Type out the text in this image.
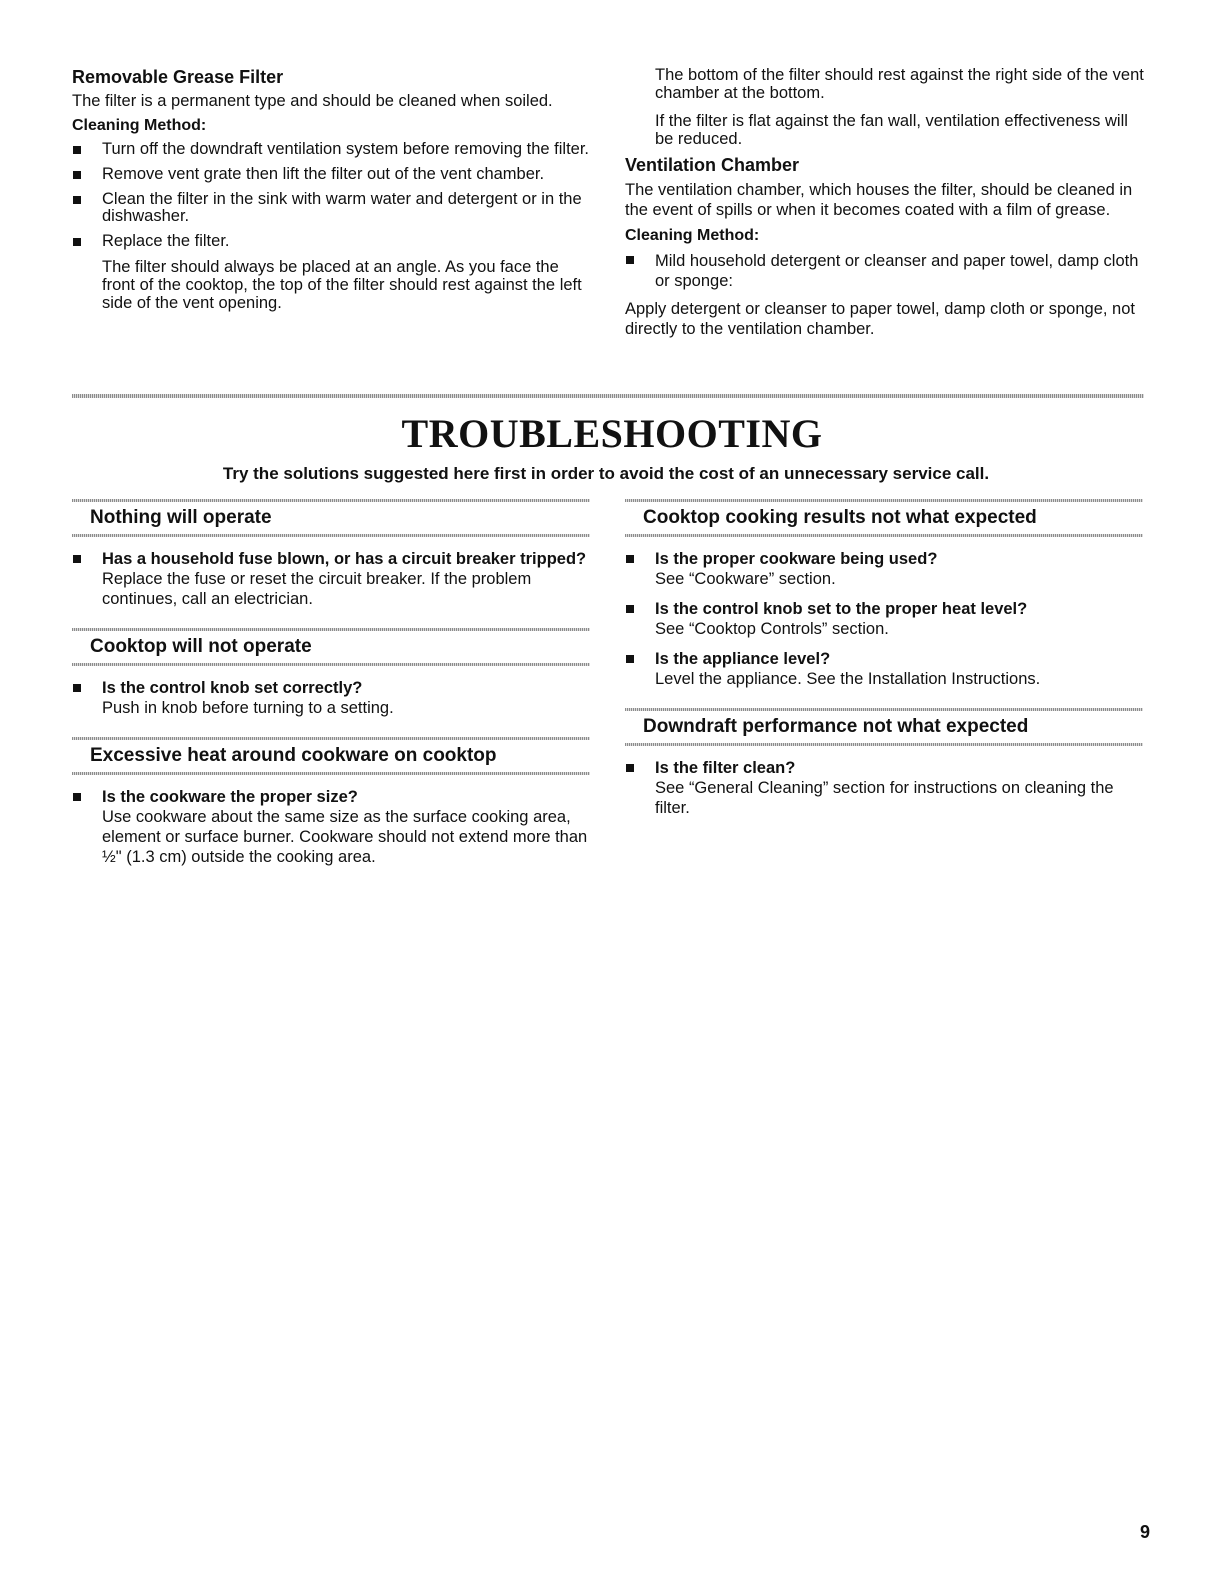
Removable Grease Filter
The filter is a permanent type and should be cleaned when soiled.
Cleaning Method:
Turn off the downdraft ventilation system before removing the filter.
Remove vent grate then lift the filter out of the vent chamber.
Clean the filter in the sink with warm water and detergent or in the dishwasher.
Replace the filter.
The filter should always be placed at an angle. As you face the front of the cooktop, the top of the filter should rest against the left side of the vent opening.
The bottom of the filter should rest against the right side of the vent chamber at the bottom.
If the filter is flat against the fan wall, ventilation effectiveness will be reduced.
Ventilation Chamber
The ventilation chamber, which houses the filter, should be cleaned in the event of spills or when it becomes coated with a film of grease.
Cleaning Method:
Mild household detergent or cleanser and paper towel, damp cloth or sponge:
Apply detergent or cleanser to paper towel, damp cloth or sponge, not directly to the ventilation chamber.
TROUBLESHOOTING

Try the solutions suggested here first in order to avoid the cost of an unnecessary service call.

Nothing will operate
Has a household fuse blown, or has a circuit breaker tripped?
Replace the fuse or reset the circuit breaker. If the problem continues, call an electrician.
Cooktop will not operate
Is the control knob set correctly?
Push in knob before turning to a setting.
Excessive heat around cookware on cooktop
Is the cookware the proper size?
Use cookware about the same size as the surface cooking area, element or surface burner. Cookware should not extend more than ½" (1.3 cm) outside the cooking area.
Cooktop cooking results not what expected
Is the proper cookware being used?
See “Cookware” section.
Is the control knob set to the proper heat level?
See “Cooktop Controls” section.
Is the appliance level?
Level the appliance. See the Installation Instructions.
Downdraft performance not what expected
Is the filter clean?
See “General Cleaning” section for instructions on cleaning the filter.
9
